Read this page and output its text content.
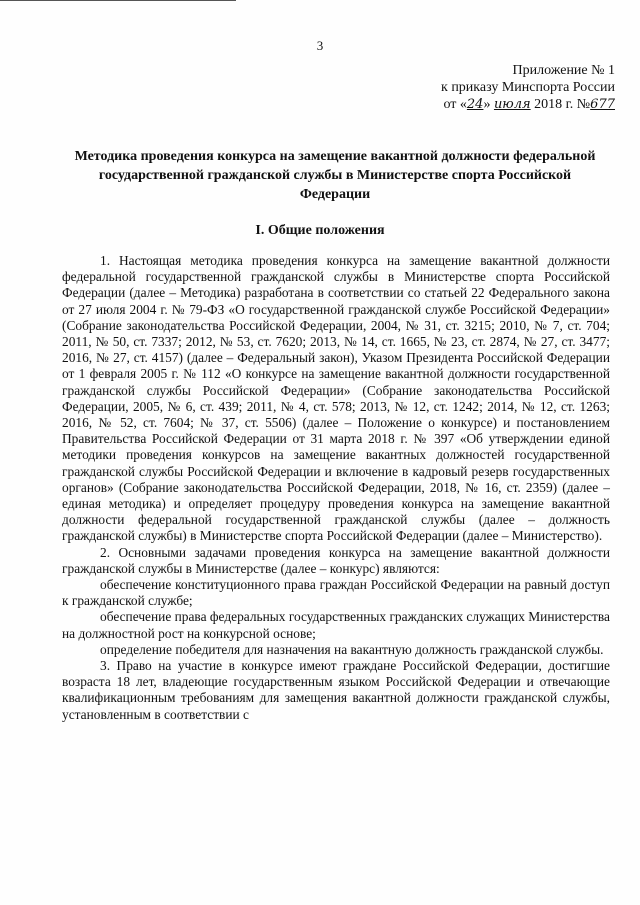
3
Приложение № 1
к приказу Минспорта России
от «24» июля 2018 г. №677
Методика проведения конкурса на замещение вакантной должности федеральной государственной гражданской службы в Министерстве спорта Российской Федерации
I. Общие положения

1. Настоящая методика проведения конкурса на замещение вакантной должности федеральной государственной гражданской службы в Министерстве спорта Российской Федерации (далее – Методика) разработана в соответствии со статьей 22 Федерального закона от 27 июля 2004 г. № 79-ФЗ «О государственной гражданской службе Российской Федерации» (Собрание законодательства Российской Федерации, 2004, № 31, ст. 3215; 2010, № 7, ст. 704; 2011, № 50, ст. 7337; 2012, № 53, ст. 7620; 2013, № 14, ст. 1665, № 23, ст. 2874, № 27, ст. 3477; 2016, № 27, ст. 4157) (далее – Федеральный закон), Указом Президента Российской Федерации от 1 февраля 2005 г. № 112 «О конкурсе на замещение вакантной должности государственной гражданской службы Российской Федерации» (Собрание законодательства Российской Федерации, 2005, № 6, ст. 439; 2011, № 4, ст. 578; 2013, № 12, ст. 1242; 2014, № 12, ст. 1263; 2016, № 52, ст. 7604; № 37, ст. 5506) (далее – Положение о конкурсе) и постановлением Правительства Российской Федерации от 31 марта 2018 г. № 397 «Об утверждении единой методики проведения конкурсов на замещение вакантных должностей государственной гражданской службы Российской Федерации и включение в кадровый резерв государственных органов» (Собрание законодательства Российской Федерации, 2018, № 16, ст. 2359) (далее – единая методика) и определяет процедуру проведения конкурса на замещение вакантной должности федеральной государственной гражданской службы (далее – должность гражданской службы) в Министерстве спорта Российской Федерации (далее – Министерство).

2. Основными задачами проведения конкурса на замещение вакантной должности гражданской службы в Министерстве (далее – конкурс) являются:

обеспечение конституционного права граждан Российской Федерации на равный доступ к гражданской службе;

обеспечение права федеральных государственных гражданских служащих Министерства на должностной рост на конкурсной основе;

определение победителя для назначения на вакантную должность гражданской службы.

3. Право на участие в конкурсе имеют граждане Российской Федерации, достигшие возраста 18 лет, владеющие государственным языком Российской Федерации и отвечающие квалификационным требованиям для замещения вакантной должности гражданской службы, установленным в соответствии с
